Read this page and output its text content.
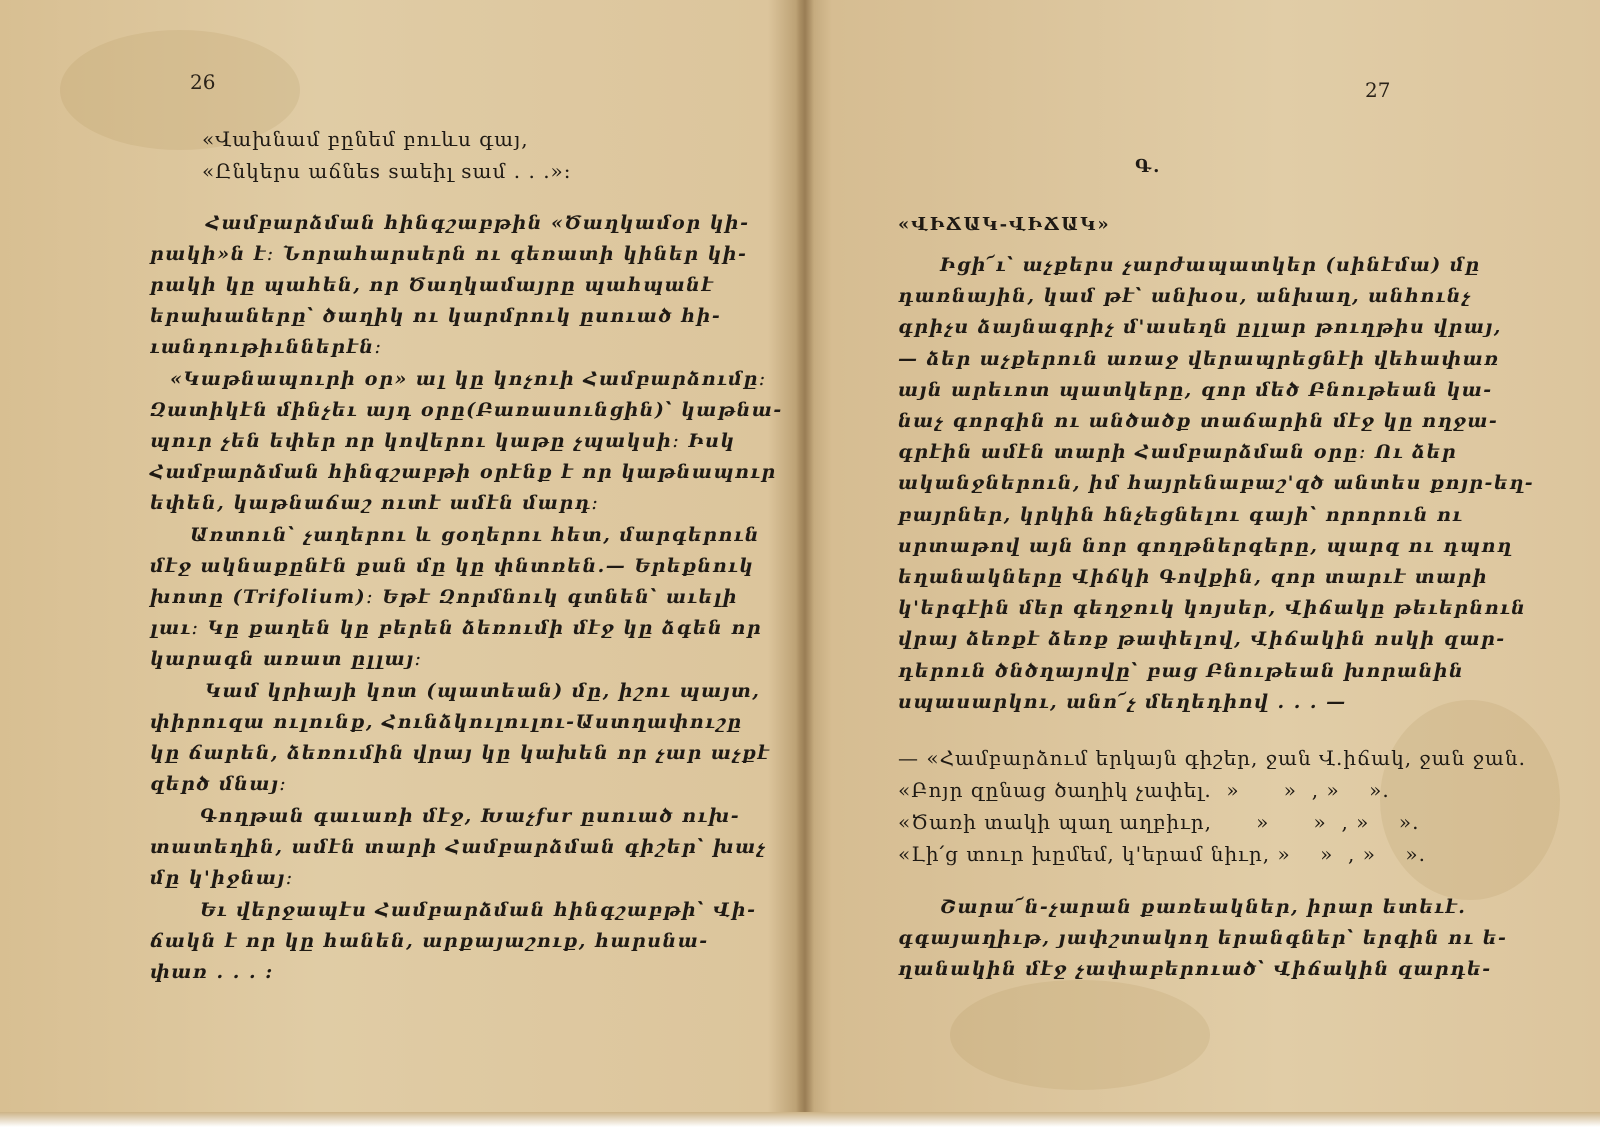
26

«Վախնամ բընեմ բուևս գայ,

«Ընկերս աճնեs sաեիլ sամ . . .»:

Համբարձման հինգշաբթին «Ծաղկամօր կի-

րակի»ն է։ Նորահարսերն ու գեռատի կիներ կի-

րակի կը պահեն, որ Ծաղկամայրը պահպանէ

երախաները՝ ծաղիկ ու կարմրուկ ըսուած հի-

ւանդութիւններէն։

«Կաթնապուրի օր» ալ կը կոչուի Համբարձումը։

Զատիկէն մինչեւ այդ օրը(Բառասունցին)՝ կաթնա-

պուր չեն եփեր որ կովերու կաթը չպակսի։ Իսկ

Համբարձման հինգշաբթի օրէնք է որ կաթնապուր

եփեն, կաթնաճաշ ուտէ ամէն մարդ։

Առտուն՝ չաղերու և ցօղերու հետ, մարգերուն

մէջ ակնաքընէն քան մը կը փնտռեն.— Երեքնուկ

խոտը (Trifolium)։ Եթէ Զորմնուկ գտնեն՝ աւելի

լաւ։ Կը քաղեն կը բերեն ձեռումի մէջ կը ձգեն որ

կարագն առատ ըլլայ։

Կամ կրիայի կոտ (պատեան) մը, իշու պայտ,

փիրուզա ուլունք, Հունձկուլուլու-Աստղափուշը

կը ճարեն, ձեռումին վրայ կը կախեն որ չար աչքէ

զերծ մնայ։

Գողթան գաւառի մէջ, Խաչfur ըսուած ուխ-

տատեղին, ամէն տարի Համբարձման գիշեր՝ խաչ

մը կ'իջնայ։

Եւ վերջապէս Համբարձման հինգշաբթի՝ Վի-

ճակն է որ կը հանեն, արքայաշուք, հարսնա-

փառ . . . :

27
Գ.
«ՎԻՃԱԿ-ՎԻՃԱԿ»

Իցի՜ւ՝ աչքերս չարժապատկեր (սինէմա) մը

դառնային, կամ թէ՝ անխօս, անխաղ, անհունչ

գրիչս ձայնագրիչ մ'ասեղն ըլլար թուղթիս վրայ,

— ձեր աչքերուն առաջ վերապրեցնէի վեհափառ

այն արեւոտ պատկերը, զոր մեծ Բնութեան կա-

նաչ գորգին ու անծածք տաճարին մէջ կը ողջա-

գրէին ամէն տարի Համբարձման օրը։ Ու ձեր

ականջներուն, իմ հայրենաբաշ'զծ անտես քոյր-եղ-

բայրներ, կրկին հնչեցնելու գայի՝ որորուն ու

սրտաթով այն նոր գողթներգերը, պարզ ու դպող

եղանակները Վիճկի Գովքին, զոր տարւէ տարի

կ'երգէին մեր գեղջուկ կոյսեր, Վիճակը թեւերնուն

վրայ ձեռքէ ձեռք թափելով, Վիճակին ոսկի զար-

դերուն ծնծղայովը՝ բաց Բնութեան խորանին

սպասարկու, անո՜չ մեղեդիով . . . —

— «Համբարձում երկայն գիշեր, ջան Վ.իճակ, ջան ջան.

«Բոյր զընաց ծաղիկ չափել.  »      »  , »    ».

«Ծառի տակի պաղ աղբիւր,      »      »  , »    ».

«Լի՛ց տուր խըմեմ, կ'երամ նիւր, »    »  , »    ».

Շարա՜ն-չարան քառեակներ, իրար ետեւէ.

գգայաղիւթ, յափշտակող երանգներ՝ երգին ու ե-

ղանակին մէջ չափաբերուած՝ Վիճակին զարդե-
